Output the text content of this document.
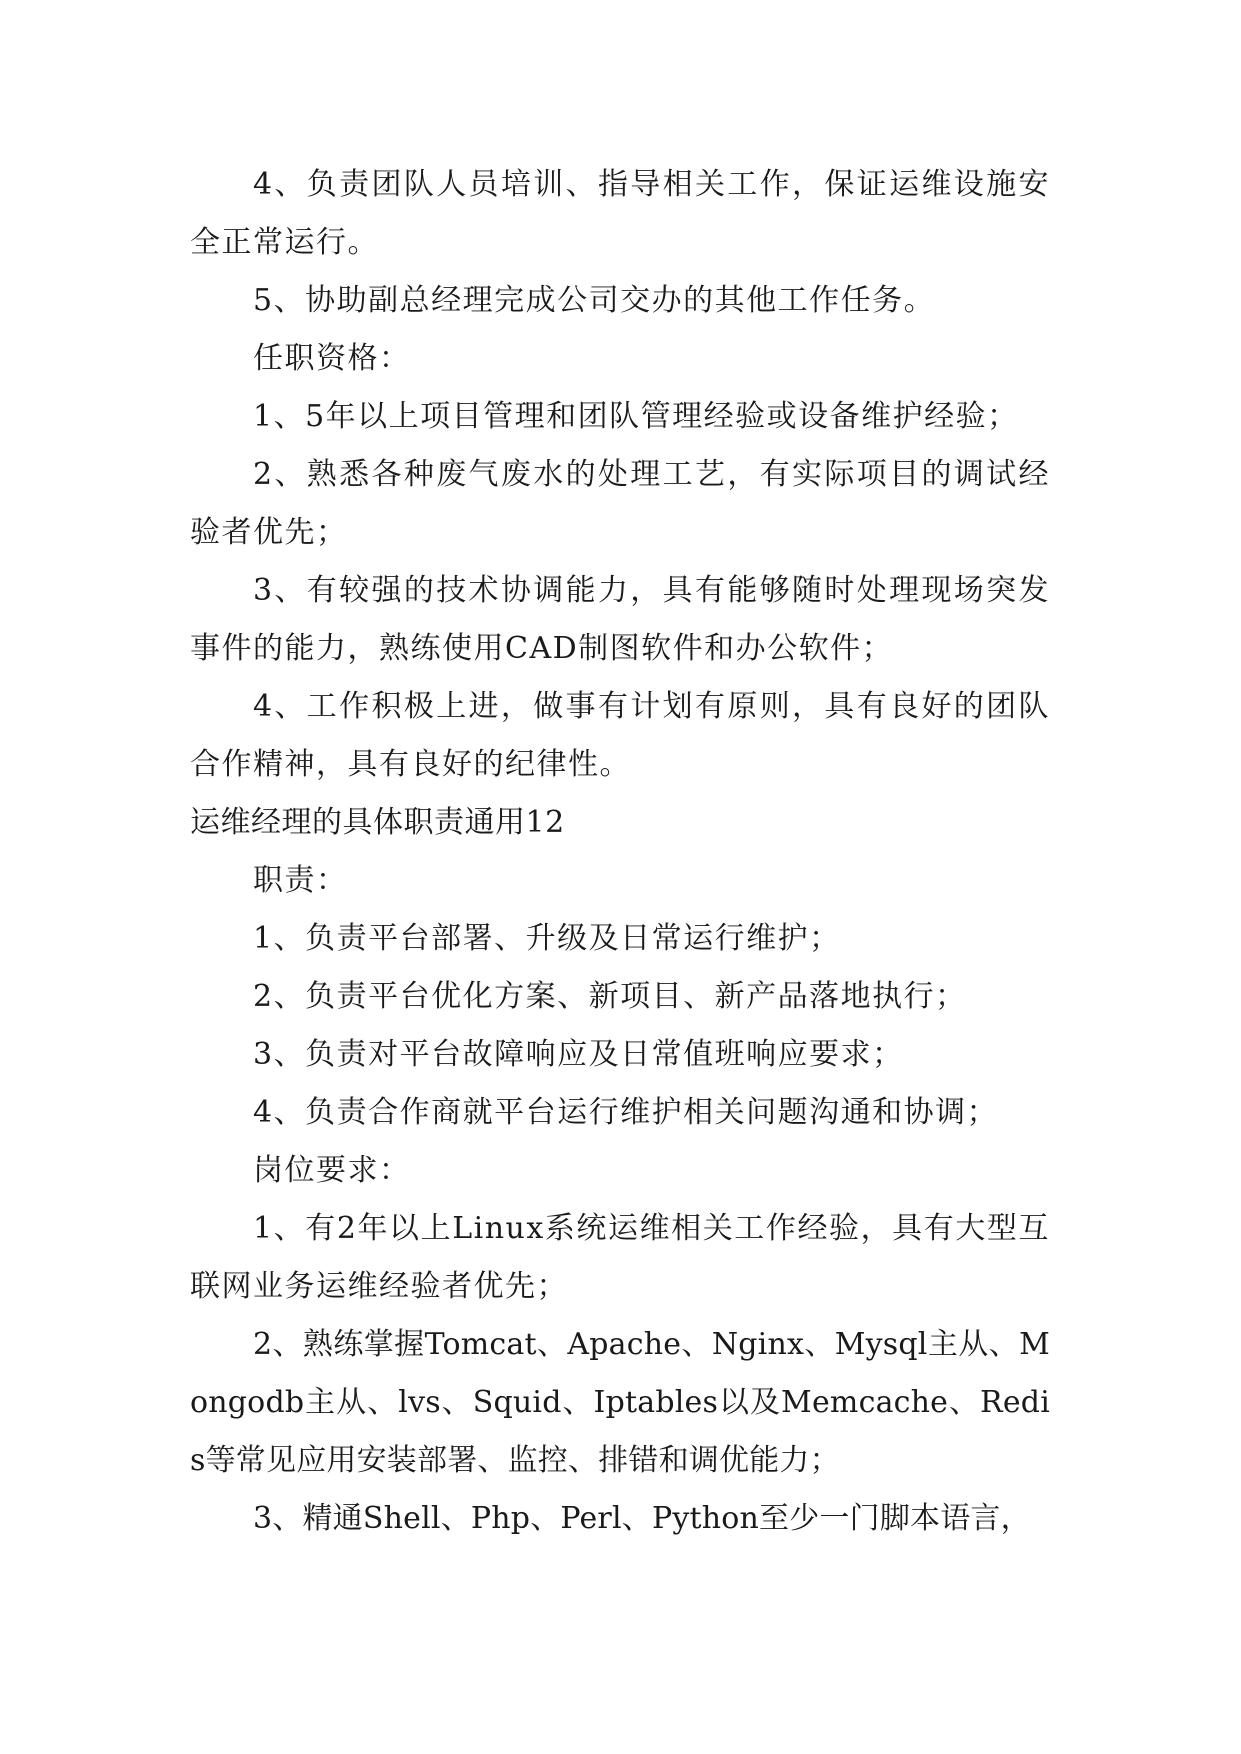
4、负责团队人员培训、指导相关工作，保证运维设施安全正常运行。

5、协助副总经理完成公司交办的其他工作任务。

任职资格：

1、5年以上项目管理和团队管理经验或设备维护经验；

2、熟悉各种废气废水的处理工艺，有实际项目的调试经验者优先；

3、有较强的技术协调能力，具有能够随时处理现场突发事件的能力，熟练使用CAD制图软件和办公软件；

4、工作积极上进，做事有计划有原则，具有良好的团队合作精神，具有良好的纪律性。

运维经理的具体职责通用12

职责：

1、负责平台部署、升级及日常运行维护；

2、负责平台优化方案、新项目、新产品落地执行；

3、负责对平台故障响应及日常值班响应要求；

4、负责合作商就平台运行维护相关问题沟通和协调；

岗位要求：

1、有2年以上Linux系统运维相关工作经验，具有大型互联网业务运维经验者优先；

2、熟练掌握Tomcat、Apache、Nginx、Mysql主从、Mongodb主从、lvs、Squid、Iptables以及Memcache、Redis等常见应用安装部署、监控、排错和调优能力；

3、精通Shell、Php、Perl、Python至少一门脚本语言，
